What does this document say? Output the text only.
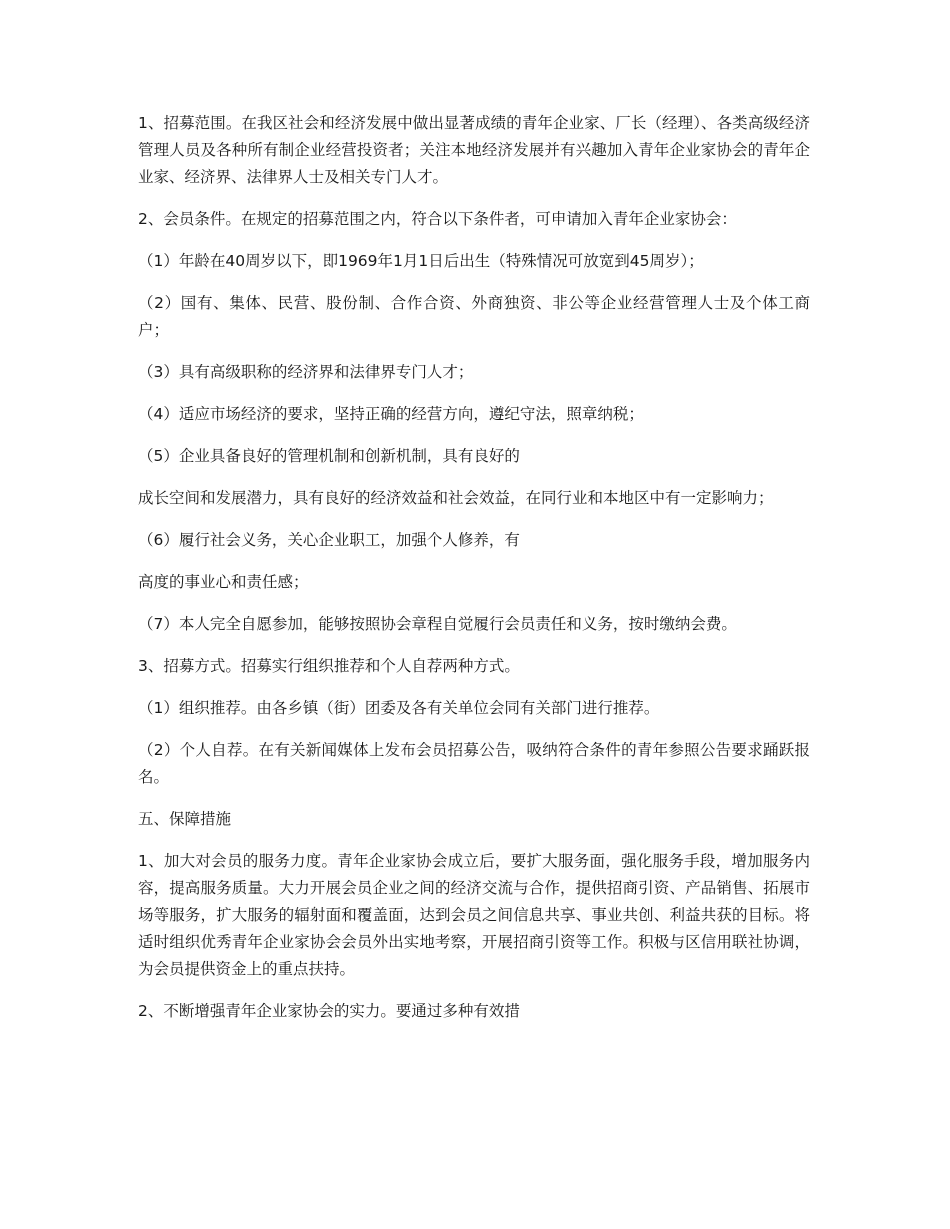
1、招募范围。在我区社会和经济发展中做出显著成绩的青年企业家、厂长（经理）、各类高级经济管理人员及各种所有制企业经营投资者；关注本地经济发展并有兴趣加入青年企业家协会的青年企业家、经济界、法律界人士及相关专门人才。

2、会员条件。在规定的招募范围之内，符合以下条件者，可申请加入青年企业家协会：

（1）年龄在40周岁以下，即1969年1月1日后出生（特殊情况可放宽到45周岁）；

（2）国有、集体、民营、股份制、合作合资、外商独资、非公等企业经营管理人士及个体工商户；

（3）具有高级职称的经济界和法律界专门人才；

（4）适应市场经济的要求，坚持正确的经营方向，遵纪守法，照章纳税；

（5）企业具备良好的管理机制和创新机制，具有良好的

成长空间和发展潜力，具有良好的经济效益和社会效益，在同行业和本地区中有一定影响力；

（6）履行社会义务，关心企业职工，加强个人修养，有

高度的事业心和责任感；

（7）本人完全自愿参加，能够按照协会章程自觉履行会员责任和义务，按时缴纳会费。

3、招募方式。招募实行组织推荐和个人自荐两种方式。

（1）组织推荐。由各乡镇（街）团委及各有关单位会同有关部门进行推荐。

（2）个人自荐。在有关新闻媒体上发布会员招募公告，吸纳符合条件的青年参照公告要求踊跃报名。

五、保障措施

1、加大对会员的服务力度。青年企业家协会成立后，要扩大服务面，强化服务手段，增加服务内容，提高服务质量。大力开展会员企业之间的经济交流与合作，提供招商引资、产品销售、拓展市场等服务，扩大服务的辐射面和覆盖面，达到会员之间信息共享、事业共创、利益共获的目标。将适时组织优秀青年企业家协会会员外出实地考察，开展招商引资等工作。积极与区信用联社协调，为会员提供资金上的重点扶持。

2、不断增强青年企业家协会的实力。要通过多种有效措
